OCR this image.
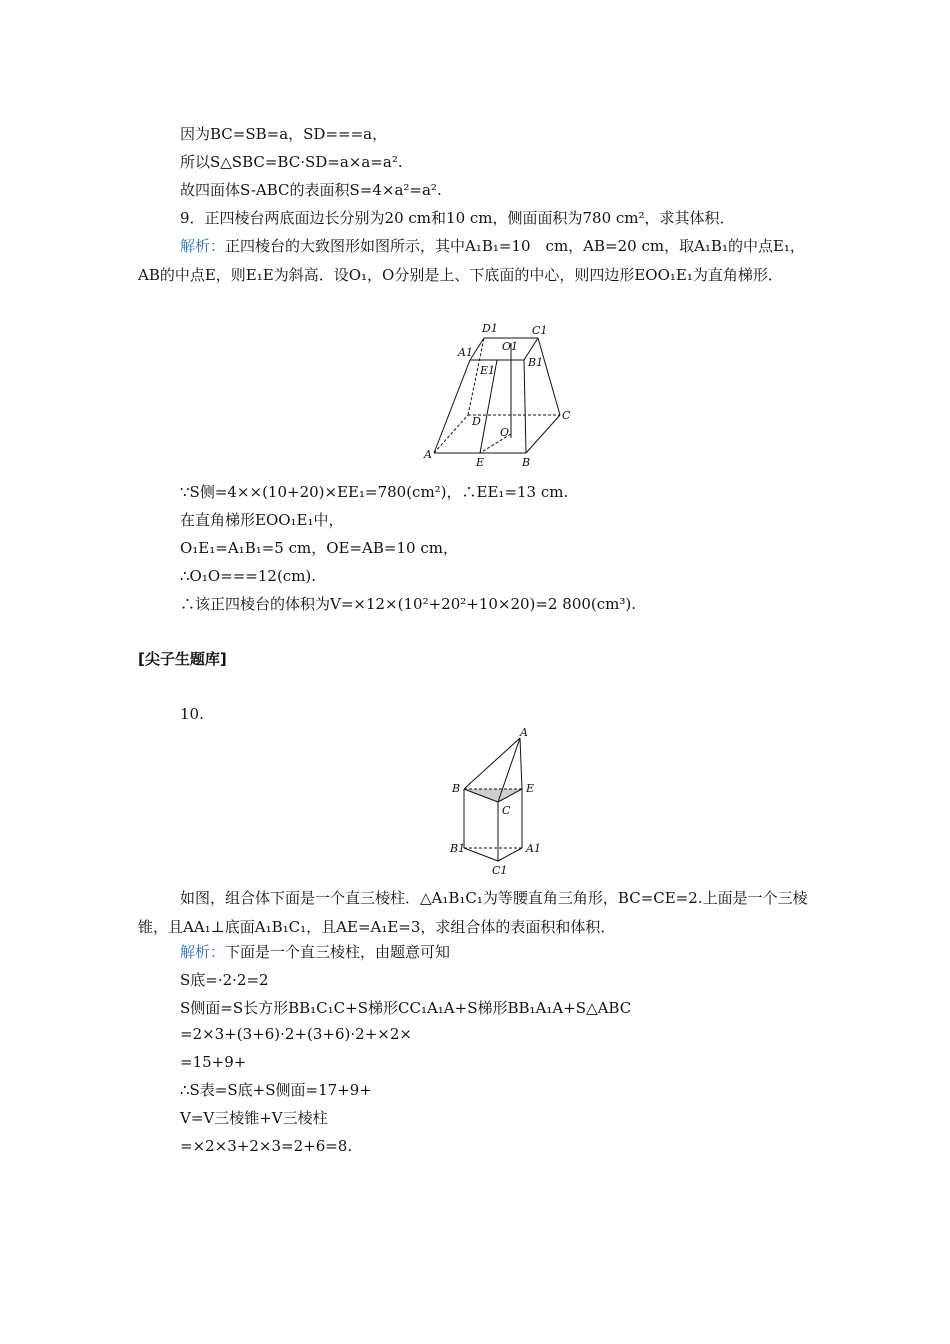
因为BC=SB=a，SD===a，
所以S△SBC=BC·SD=a×a=a².
故四面体S-ABC的表面积S=4×a²=a².
9．正四棱台两底面边长分别为20 cm和10 cm，侧面面积为780 cm²，求其体积．
解析：正四棱台的大致图形如图所示，其中A₁B₁=10　cm，AB=20 cm，取A₁B₁的中点E₁，AB的中点E，则E₁E为斜高．设O₁，O分别是上、下底面的中心，则四边形EOO₁E₁为直角梯形．
D1	C1
A1	O1
B1
E1
D	C
O
A
E	B
∵S侧=4××(10+20)×EE₁=780(cm²)，∴EE₁=13 cm.
在直角梯形EOO₁E₁中，
O₁E₁=A₁B₁=5 cm，OE=AB=10 cm，
∴O₁O===12(cm).
∴该正四棱台的体积为V=×12×(10²+20²+10×20)=2 800(cm³).
[尖子生题库]
10.
A
B	E
C
B1	A1
C1
如图，组合体下面是一个直三棱柱．△A₁B₁C₁为等腰直角三角形，BC=CE=2.上面是一个三棱锥，且AA₁⊥底面A₁B₁C₁，且AE=A₁E=3，求组合体的表面积和体积．
解析：下面是一个直三棱柱，由题意可知
S底=·2·2=2
S侧面=S长方形BB₁C₁C+S梯形CC₁A₁A+S梯形BB₁A₁A+S△ABC
=2×3+(3+6)·2+(3+6)·2+×2×
=15+9+
∴S表=S底+S侧面=17+9+
V=V三棱锥+V三棱柱
=×2×3+2×3=2+6=8.
